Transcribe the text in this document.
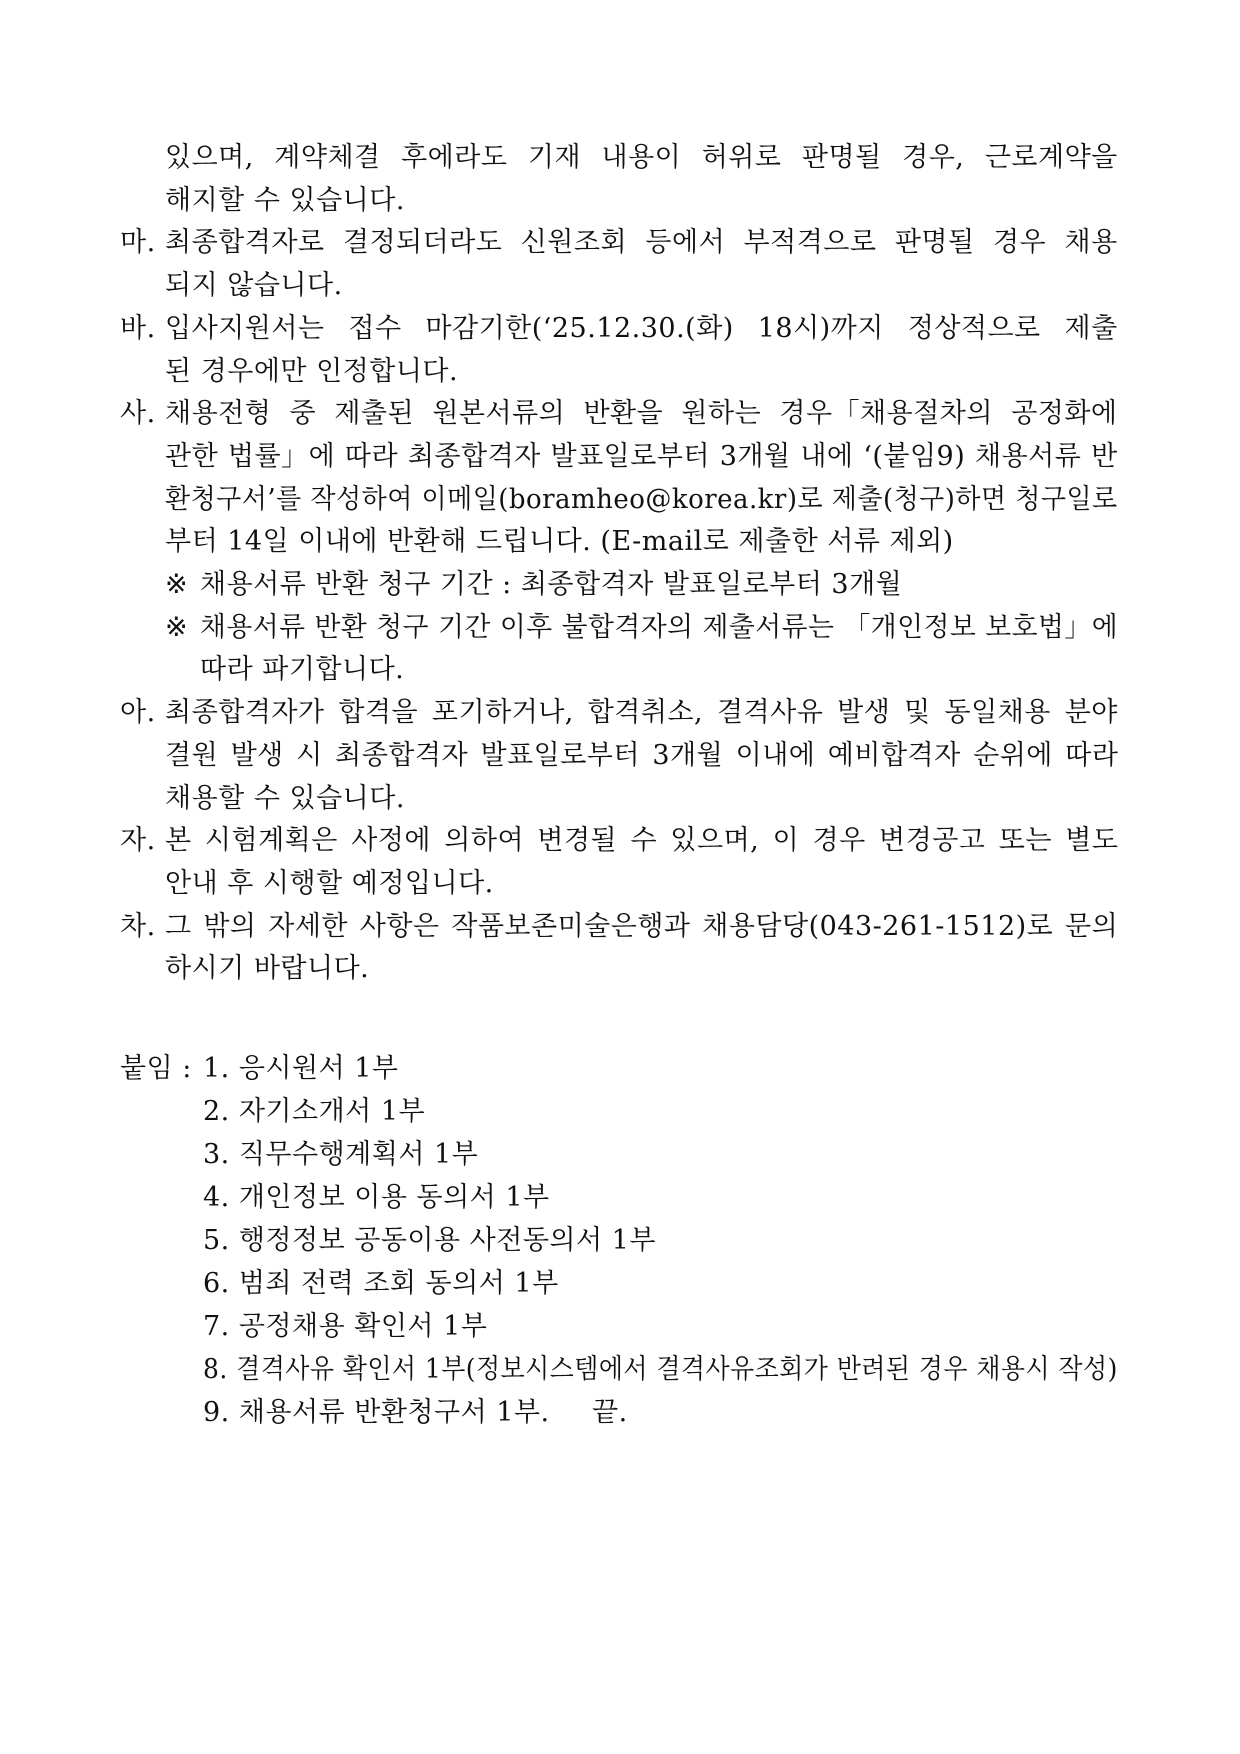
있으며, 계약체결 후에라도 기재 내용이 허위로 판명될 경우, 근로계약을
해지할 수 있습니다.
마. 최종합격자로 결정되더라도 신원조회 등에서 부적격으로 판명될 경우 채용
되지 않습니다.
바. 입사지원서는 접수 마감기한(‘25.12.30.(화) 18시)까지 정상적으로 제출
된 경우에만 인정합니다.
사. 채용전형 중 제출된 원본서류의 반환을 원하는 경우「채용절차의 공정화에
관한 법률」에 따라 최종합격자 발표일로부터 3개월 내에 ‘(붙임9) 채용서류 반
환청구서’를 작성하여 이메일(boramheo@korea.kr)로 제출(청구)하면 청구일로
부터 14일 이내에 반환해 드립니다. (E-mail로 제출한 서류 제외)
※ 채용서류 반환 청구 기간 : 최종합격자 발표일로부터 3개월
※ 채용서류 반환 청구 기간 이후 불합격자의 제출서류는 「개인정보 보호법」에
따라 파기합니다.
아. 최종합격자가 합격을 포기하거나, 합격취소, 결격사유 발생 및 동일채용 분야
결원 발생 시 최종합격자 발표일로부터 3개월 이내에 예비합격자 순위에 따라
채용할 수 있습니다.
자. 본 시험계획은 사정에 의하여 변경될 수 있으며, 이 경우 변경공고 또는 별도
안내 후 시행할 예정입니다.
차. 그 밖의 자세한 사항은 작품보존미술은행과 채용담당(043-261-1512)로 문의
하시기 바랍니다.
붙임 : 1. 응시원서 1부
2. 자기소개서 1부
3. 직무수행계획서 1부
4. 개인정보 이용 동의서 1부
5. 행정정보 공동이용 사전동의서 1부
6. 범죄 전력 조회 동의서 1부
7. 공정채용 확인서 1부
8. 결격사유 확인서 1부(정보시스템에서 결격사유조회가 반려된 경우 채용시 작성)
9. 채용서류 반환청구서 1부. 끝.
